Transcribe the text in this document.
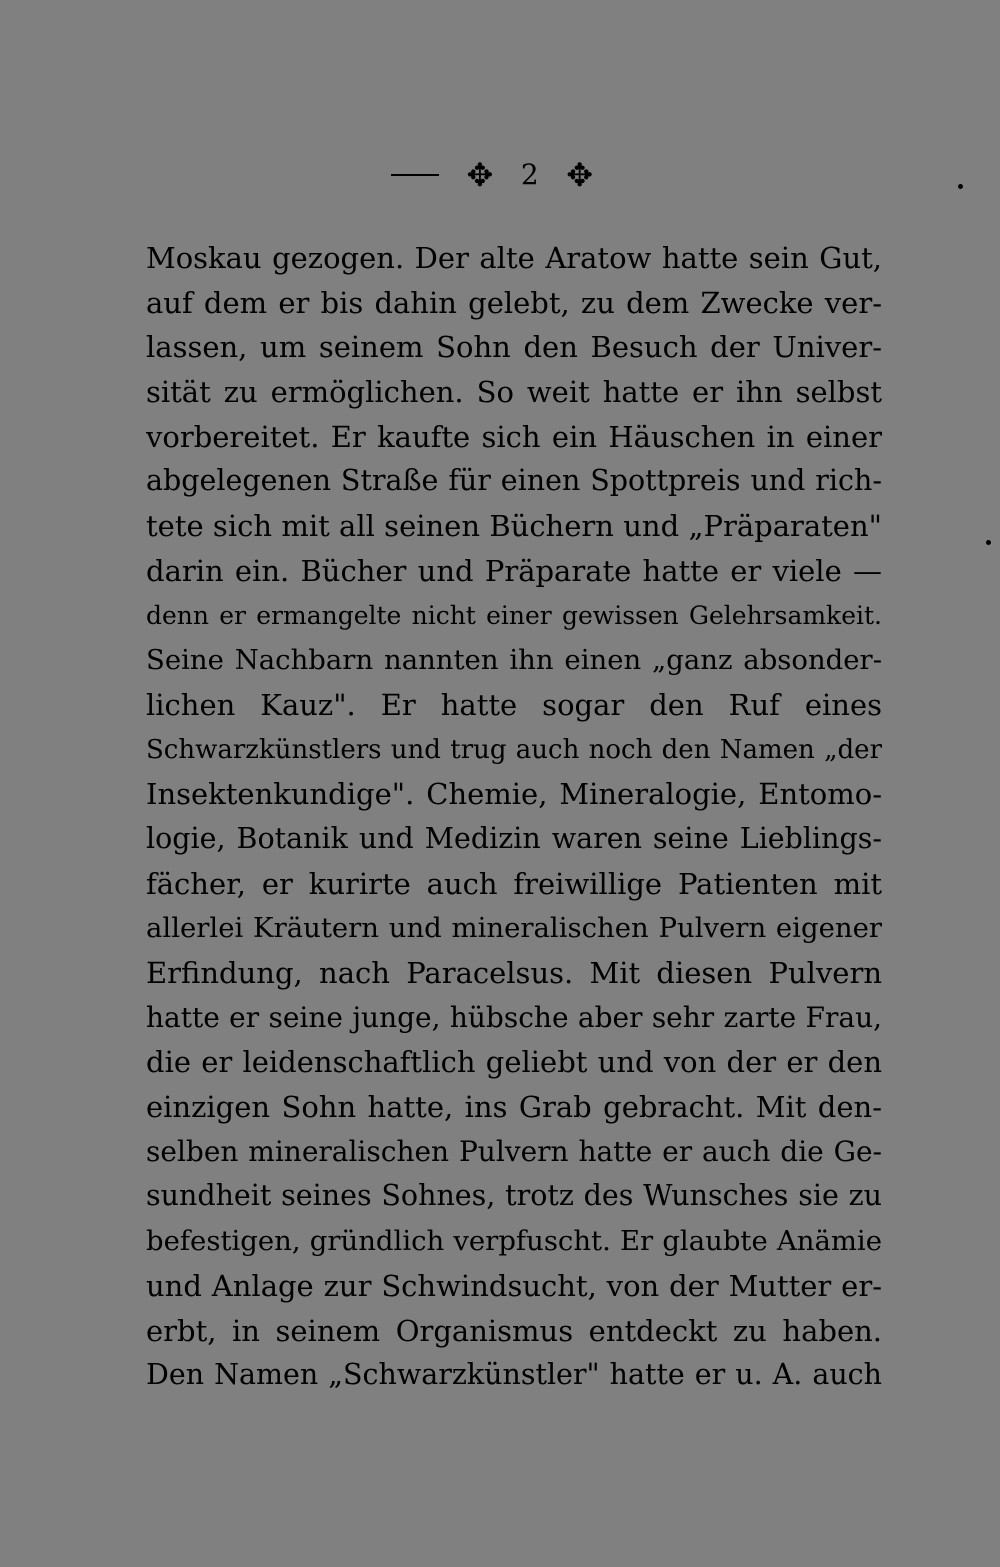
✥ 2 ✥
Moskau gezogen. Der alte Aratow hatte sein Gut,
auf dem er bis dahin gelebt, zu dem Zwecke ver-
lassen, um seinem Sohn den Besuch der Univer-
sität zu ermöglichen. So weit hatte er ihn selbst
vorbereitet. Er kaufte sich ein Häuschen in einer
abgelegenen Straße für einen Spottpreis und rich-
tete sich mit all seinen Büchern und „Präparaten"
darin ein. Bücher und Präparate hatte er viele —
denn er ermangelte nicht einer gewissen Gelehrsamkeit.
Seine Nachbarn nannten ihn einen „ganz absonder-
lichen Kauz". Er hatte sogar den Ruf eines
Schwarzkünstlers und trug auch noch den Namen „der
Insektenkundige". Chemie, Mineralogie, Entomo-
logie, Botanik und Medizin waren seine Lieblings-
fächer, er kurirte auch freiwillige Patienten mit
allerlei Kräutern und mineralischen Pulvern eigener
Erfindung, nach Paracelsus. Mit diesen Pulvern
hatte er seine junge, hübsche aber sehr zarte Frau,
die er leidenschaftlich geliebt und von der er den
einzigen Sohn hatte, ins Grab gebracht. Mit den-
selben mineralischen Pulvern hatte er auch die Ge-
sundheit seines Sohnes, trotz des Wunsches sie zu
befestigen, gründlich verpfuscht. Er glaubte Anämie
und Anlage zur Schwindsucht, von der Mutter er-
erbt, in seinem Organismus entdeckt zu haben.
Den Namen „Schwarzkünstler" hatte er u. A. auch
